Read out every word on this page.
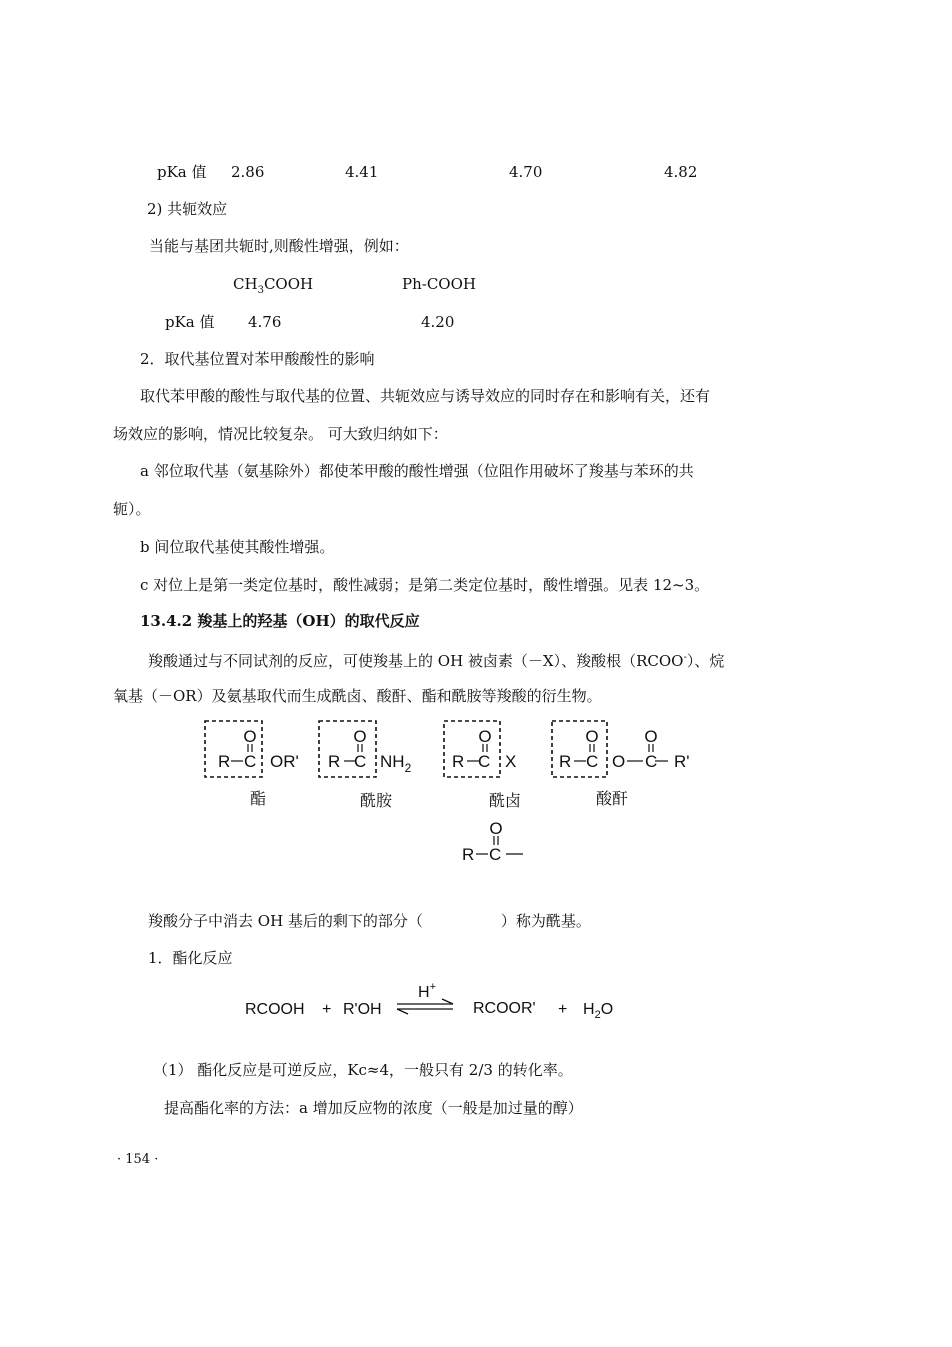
pKa 值 2.86	4.41	4.70	4.82
2) 共轭效应
当能与基团共轭时,则酸性增强，例如：
$CH_3COOH$	Ph-COOH
pKa 值 4.76	4.20
2．取代基位置对苯甲酸酸性的影响
取代苯甲酸的酸性与取代基的位置、共轭效应与诱导效应的同时存在和影响有关，还有
场效应的影响，情况比较复杂。 可大致归纳如下：
a 邻位取代基（氨基除外）都使苯甲酸的酸性增强（位阻作用破坏了羧基与苯环的共
轭）。
b 间位取代基使其酸性增强。
c 对位上是第一类定位基时，酸性减弱；是第二类定位基时，酸性增强。见表 12~3。
13.4.2 羧基上的羟基（OH）的取代反应
羧酸通过与不同试剂的反应，可使羧基上的 OH 被卤素（－X）、羧酸根（RCOO-）、烷
氧基（－OR）及氨基取代而生成酰卤、酸酐、酯和酰胺等羧酸的衍生物。
O
R C OR'
O
R C $NH_2$
O
R C X
O
R C O
O
C R'
O
R C
酯	酰胺	酰卤	酸酐
羧酸分子中消去 OH 基后的剩下的部分（	）称为酰基。
1．酯化反应
RCOOH + R'OH
H+
RCOOR' + $H_2O$
（1） 酯化反应是可逆反应，Kc≈4，一般只有 2/3 的转化率。
提高酯化率的方法：a 增加反应物的浓度（一般是加过量的醇）
· 154 ·
